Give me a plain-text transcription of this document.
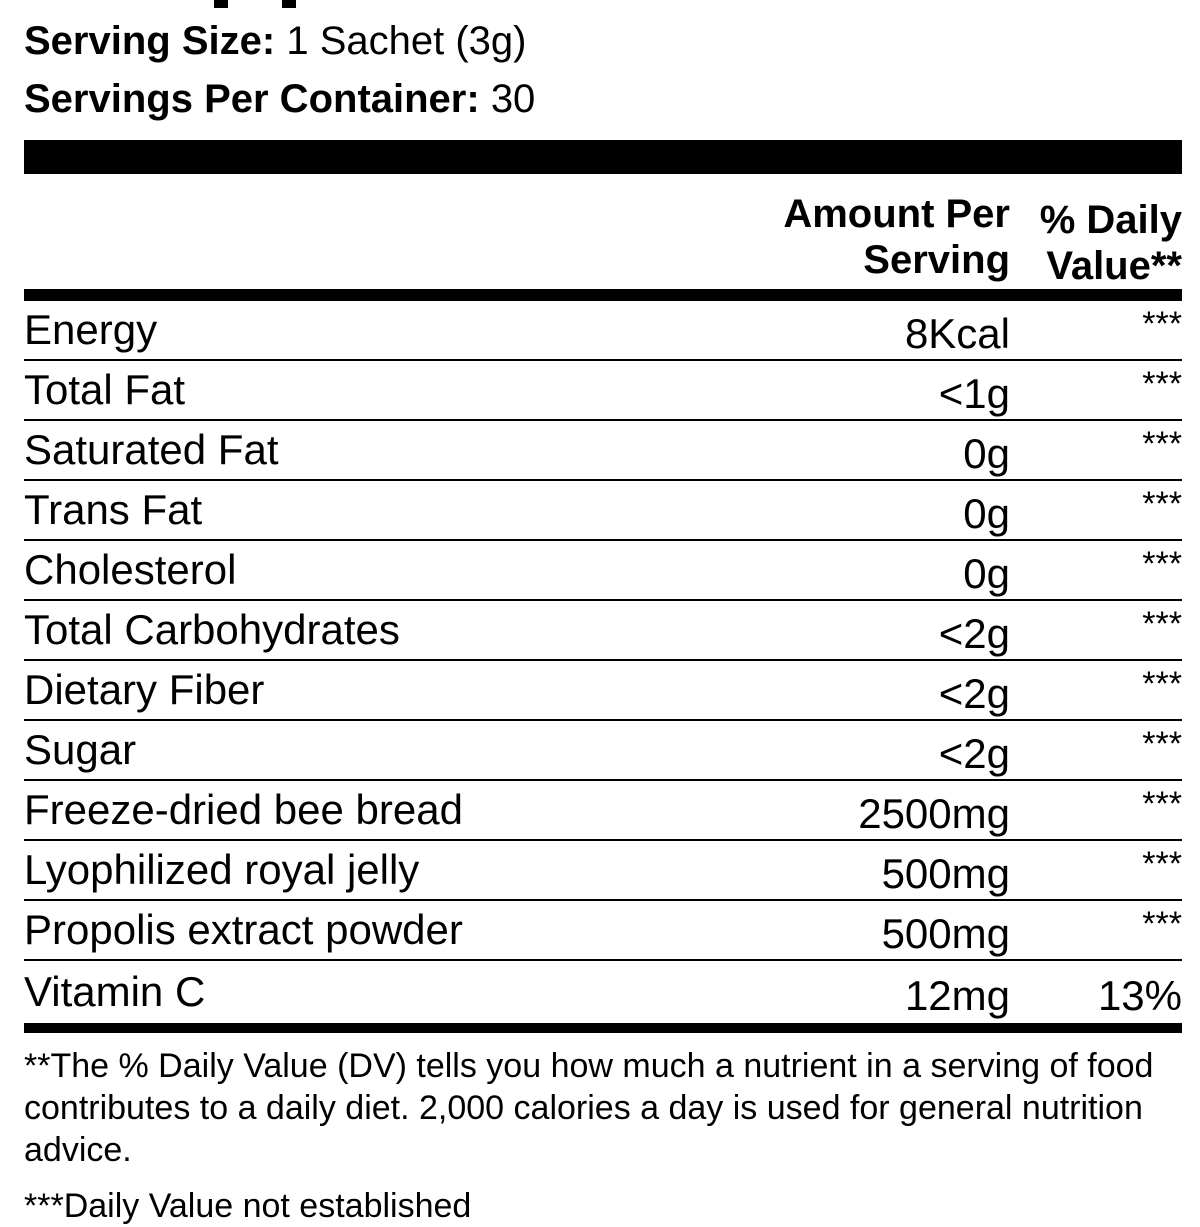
Serving Size: 1 Sachet (3g)
Servings Per Container: 30
Amount Per
Serving
% Daily
Value**
Energy	8Kcal	***
Total Fat	<1g	***
Saturated Fat	0g	***
Trans Fat	0g	***
Cholesterol	0g	***
Total Carbohydrates	<2g	***
Dietary Fiber	<2g	***
Sugar	<2g	***
Freeze-dried bee bread	2500mg	***
Lyophilized royal jelly	500mg	***
Propolis extract powder	500mg	***
Vitamin C	12mg	13%
**The % Daily Value (DV) tells you how much a nutrient in a serving of food contributes to a daily diet. 2,000 calories a day is used for general nutrition advice.
***Daily Value not established
